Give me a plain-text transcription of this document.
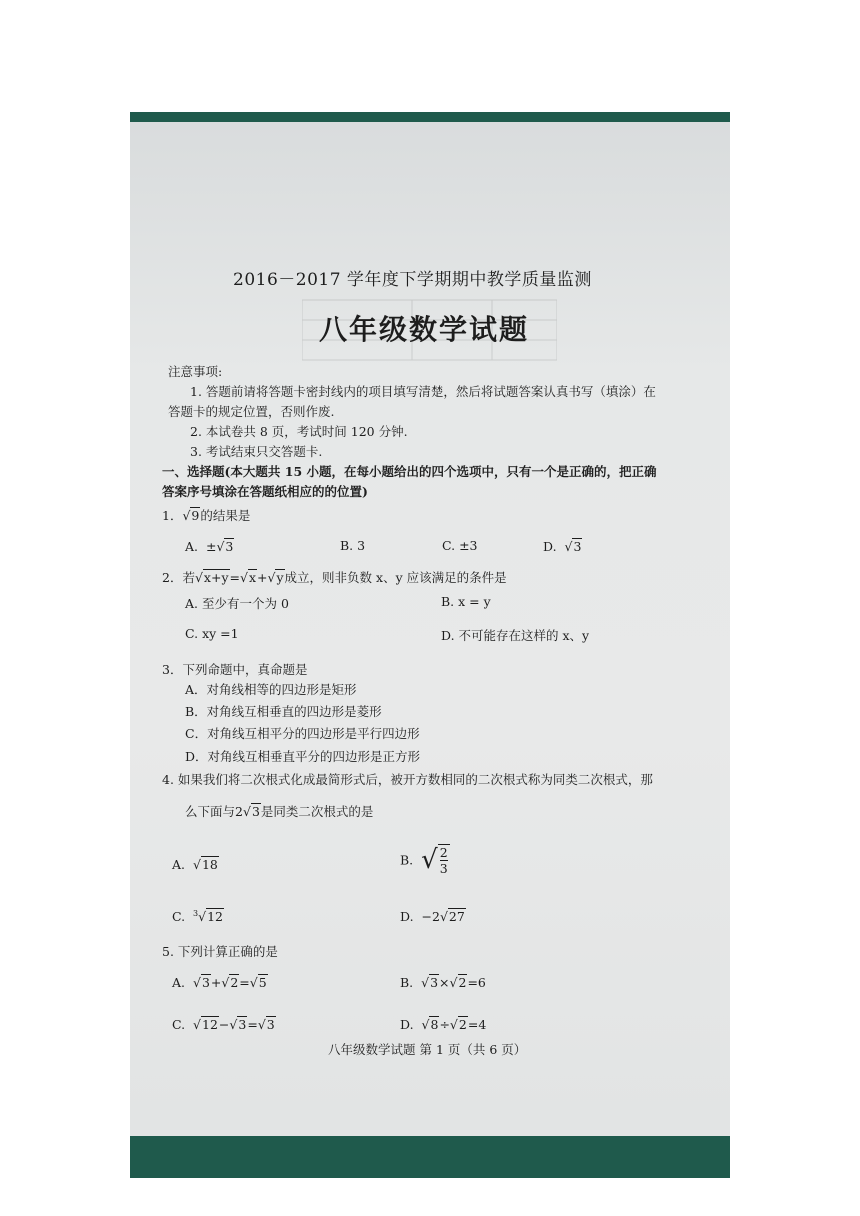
2016－2017 学年度下学期期中教学质量监测
八年级数学试题
注意事项:
1. 答题前请将答题卡密封线内的项目填写清楚，然后将试题答案认真书写（填涂）在
答题卡的规定位置，否则作废.
2. 本试卷共 8 页，考试时间 120 分钟.
3. 考试结束只交答题卡.
一、选择题(本大题共 15 小题，在每小题给出的四个选项中，只有一个是正确的，把正确
答案序号填涂在答题纸相应的的位置)
1．√9的结果是
A. ±√3	B. 3	C. ±3	D.  √3
2．若√x+y=√x+√y成立，则非负数 x、y 应该满足的条件是
A. 至少有一个为 0	B. x = y
C. xy =1	D. 不可能存在这样的 x、y
3．下列命题中，真命题是
A．对角线相等的四边形是矩形
B．对角线互相垂直的四边形是菱形
C．对角线互相平分的四边形是平行四边形
D．对角线互相垂直平分的四边形是正方形
4. 如果我们将二次根式化成最简形式后，被开方数相同的二次根式称为同类二次根式，那
么下面与2√3是同类二次根式的是
A.  √18	B. √ $\frac{2}{3}$
C. $^3$√12	D. −2√27
5. 下列计算正确的是
A.  √3+√2=√5	B.  √3×√2=6
C.  √12−√3=√3	D.  √8÷√2=4
八年级数学试题 第 1 页（共 6 页）
